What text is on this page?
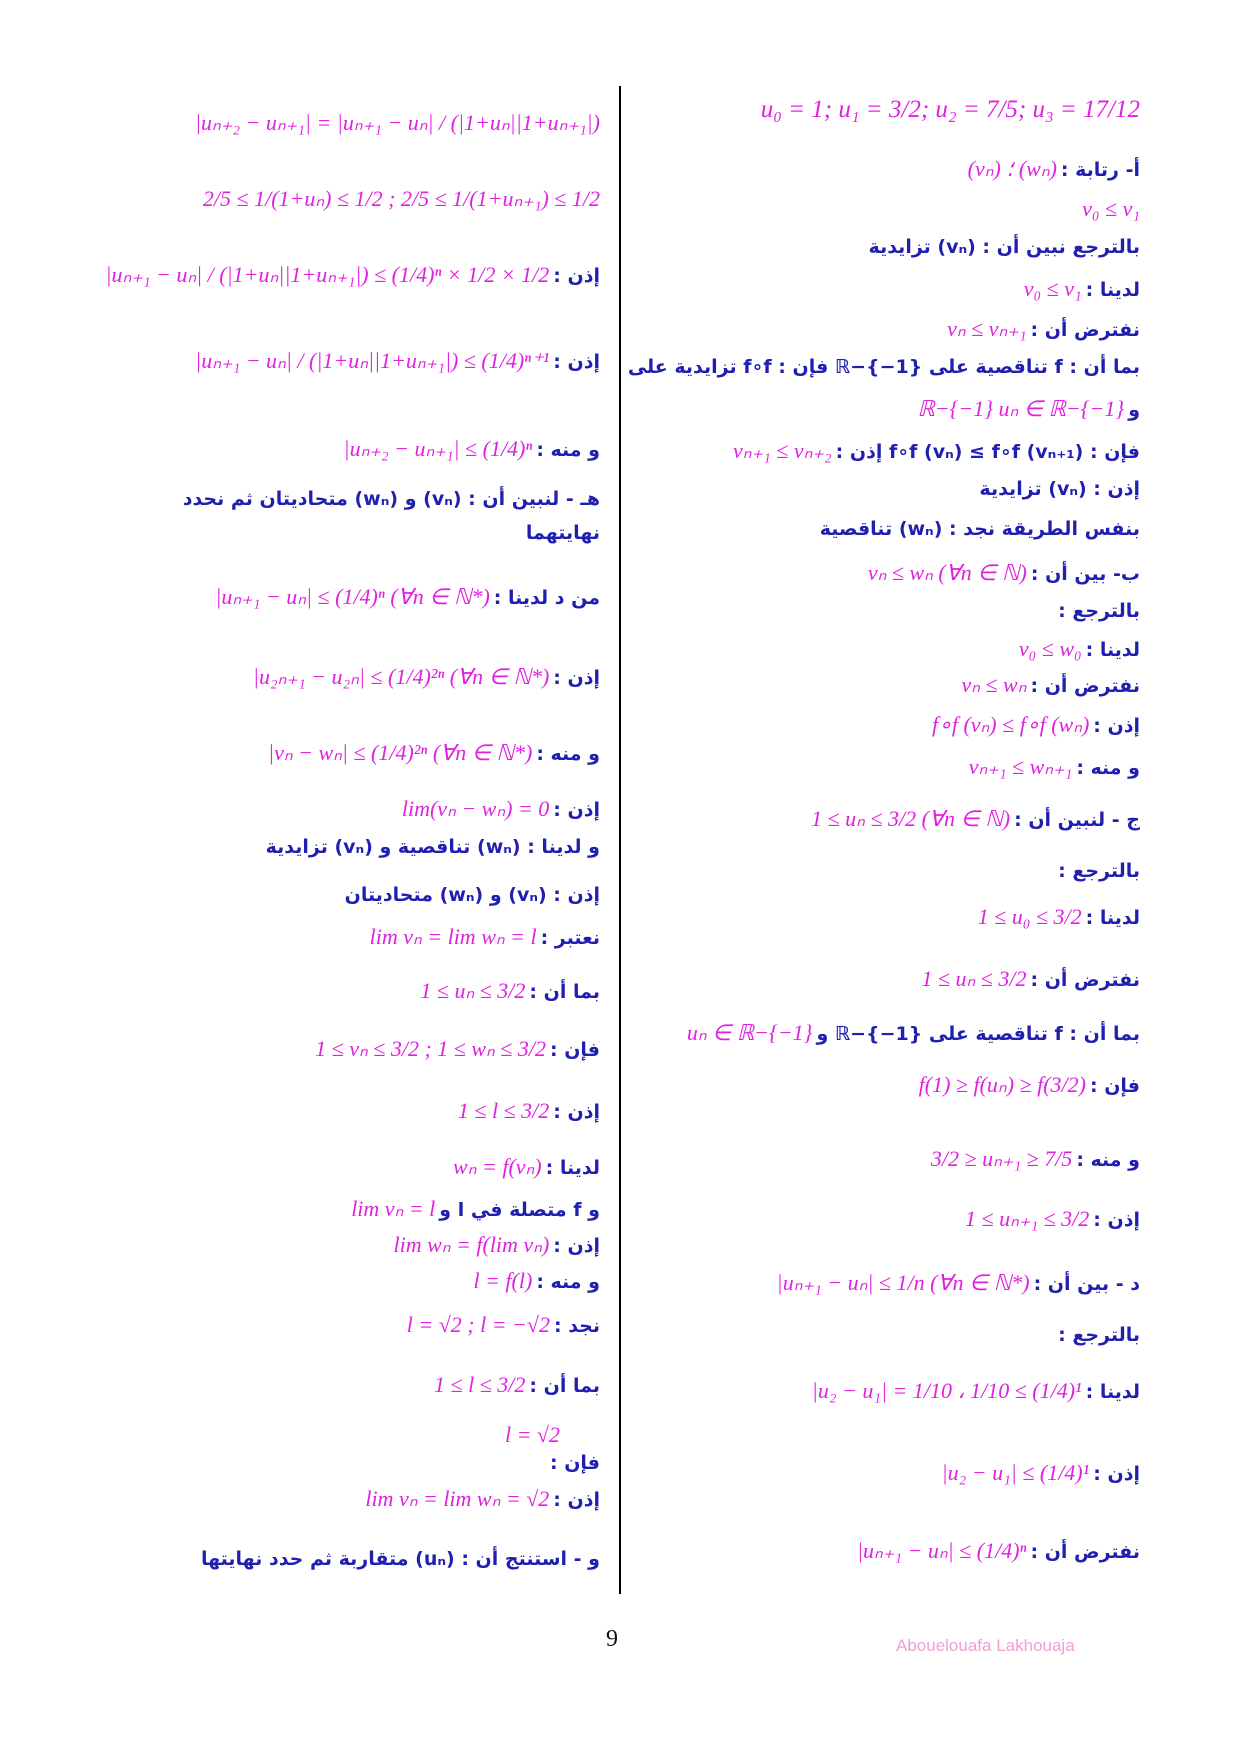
u₀ = 1; u₁ = 3/2; u₂ = 7/5; u₃ = 17/12
أ- رتابة : (vₙ) ؛ (wₙ)
v₀ ≤ v₁
بالترجع نبين أن : (vₙ) تزايدية
لدينا : v₀ ≤ v₁
نفترض أن : vₙ ≤ vₙ₊₁
بما أن : f تناقصية على ℝ−{−1} فإن : f∘f تزايدية على
و ℝ−{−1} uₙ ∈ ℝ−{−1}
فإن : f∘f (vₙ) ≤ f∘f (vₙ₊₁) إذن : vₙ₊₁ ≤ vₙ₊₂
إذن : (vₙ) تزايدية
بنفس الطريقة نجد : (wₙ) تناقصية
ب- بين أن : vₙ ≤ wₙ (∀n ∈ ℕ)
بالترجع :
لدينا : v₀ ≤ w₀
نفترض أن : vₙ ≤ wₙ
إذن : f∘f (vₙ) ≤ f∘f (wₙ)
و منه : vₙ₊₁ ≤ wₙ₊₁
ج - لنبين أن : 1 ≤ uₙ ≤ 3/2 (∀n ∈ ℕ)
بالترجع :
لدينا : 1 ≤ u₀ ≤ 3/2
نفترض أن : 1 ≤ uₙ ≤ 3/2
بما أن : f تناقصية على ℝ−{−1} و uₙ ∈ ℝ−{−1}
فإن : f(1) ≥ f(uₙ) ≥ f(3/2)
و منه : 3/2 ≥ uₙ₊₁ ≥ 7/5
إذن : 1 ≤ uₙ₊₁ ≤ 3/2
د - بين أن : |uₙ₊₁ − uₙ| ≤ 1/n (∀n ∈ ℕ*)
بالترجع :
لدينا : |u₂ − u₁| = 1/10 ، 1/10 ≤ (1/4)¹
إذن : |u₂ − u₁| ≤ (1/4)¹
نفترض أن : |uₙ₊₁ − uₙ| ≤ (1/4)ⁿ
|uₙ₊₂ − uₙ₊₁| = |uₙ₊₁ − uₙ| / (|1+uₙ||1+uₙ₊₁|)
2/5 ≤ 1/(1+uₙ) ≤ 1/2 ; 2/5 ≤ 1/(1+uₙ₊₁) ≤ 1/2
إذن : |uₙ₊₁ − uₙ| / (|1+uₙ||1+uₙ₊₁|) ≤ (1/4)ⁿ × 1/2 × 1/2
إذن : |uₙ₊₁ − uₙ| / (|1+uₙ||1+uₙ₊₁|) ≤ (1/4)ⁿ⁺¹
و منه : |uₙ₊₂ − uₙ₊₁| ≤ (1/4)ⁿ
هـ - لنبين أن : (vₙ) و (wₙ) متحاديتان ثم نحدد
نهايتهما
من د لدينا : |uₙ₊₁ − uₙ| ≤ (1/4)ⁿ (∀n ∈ ℕ*)
إذن : |u₂ₙ₊₁ − u₂ₙ| ≤ (1/4)²ⁿ (∀n ∈ ℕ*)
و منه : |vₙ − wₙ| ≤ (1/4)²ⁿ (∀n ∈ ℕ*)
إذن : lim(vₙ − wₙ) = 0
و لدينا : (wₙ) تناقصية و (vₙ) تزايدية
إذن : (vₙ) و (wₙ) متحاديتان
نعتبر : lim vₙ = lim wₙ = l
بما أن : 1 ≤ uₙ ≤ 3/2
فإن : 1 ≤ vₙ ≤ 3/2 ; 1 ≤ wₙ ≤ 3/2
إذن : 1 ≤ l ≤ 3/2
لدينا : wₙ = f(vₙ)
و f متصلة في l و lim vₙ = l
إذن : lim wₙ = f(lim vₙ)
و منه : l = f(l)
نجد : l = √2 ; l = −√2
بما أن : 1 ≤ l ≤ 3/2
l = √2
فإن :
إذن : lim vₙ = lim wₙ = √2
و - استنتج أن : (uₙ) متقاربة ثم حدد نهايتها
9	Abouelouafa Lakhouaja
